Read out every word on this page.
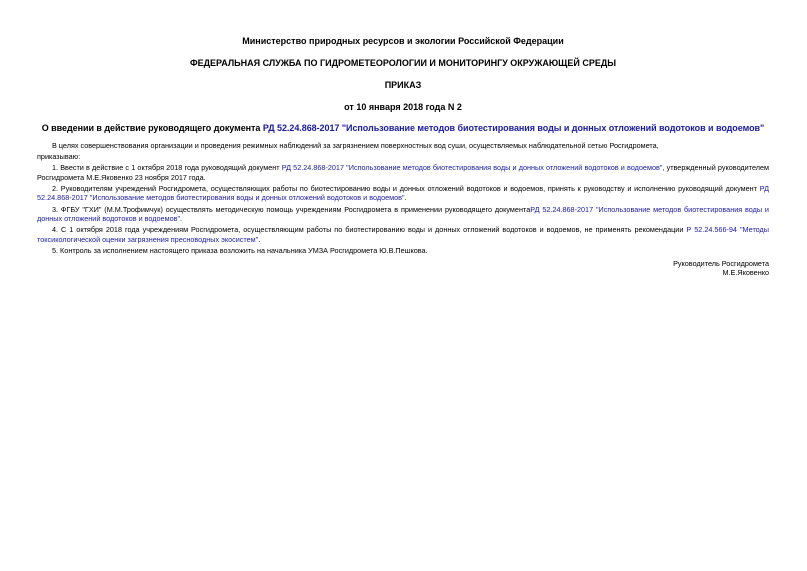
Министерство природных ресурсов и экологии Российской Федерации
ФЕДЕРАЛЬНАЯ СЛУЖБА ПО ГИДРОМЕТЕОРОЛОГИИ И МОНИТОРИНГУ ОКРУЖАЮЩЕЙ СРЕДЫ
ПРИКАЗ
от 10 января 2018 года N 2
О введении в действие руководящего документа РД 52.24.868-2017 "Использование методов биотестирования воды и донных отложений водотоков и водоемов"

В целях совершенствования организации и проведения режимных наблюдений за загрязнением поверхностных вод суши, осуществляемых наблюдательной сетью Росгидромета,

приказываю:

1. Ввести в действие с 1 октября 2018 года руководящий документ РД 52.24.868-2017 "Использование методов биотестирования воды и донных отложений водотоков и водоемов", утвержденный руководителем Росгидромета М.Е.Яковенко 23 ноября 2017 года.

2. Руководителям учреждений Росгидромета, осуществляющих работы по биотестированию воды и донных отложений водотоков и водоемов, принять к руководству и исполнению руководящий документ РД 52.24.868-2017 "Использование методов биотестирования воды и донных отложений водотоков и водоемов".

3. ФГБУ "ГХИ" (М.М.Трофимчук) осуществлять методическую помощь учреждениям Росгидромета в применении руководящего документаРД 52.24.868-2017 "Использование методов биотестирования воды и донных отложений водотоков и водоемов".

4. С 1 октября 2018 года учреждениям Росгидромета, осуществляющим работы по биотестированию воды и донных отложений водотоков и водоемов, не применять рекомендации Р 52.24.566-94 "Методы токсикологической оценки загрязнения пресноводных экосистем".

5. Контроль за исполнением настоящего приказа возложить на начальника УМЗА Росгидромета Ю.В.Пешкова.

Руководитель Росгидромета
М.Е.Яковенко
